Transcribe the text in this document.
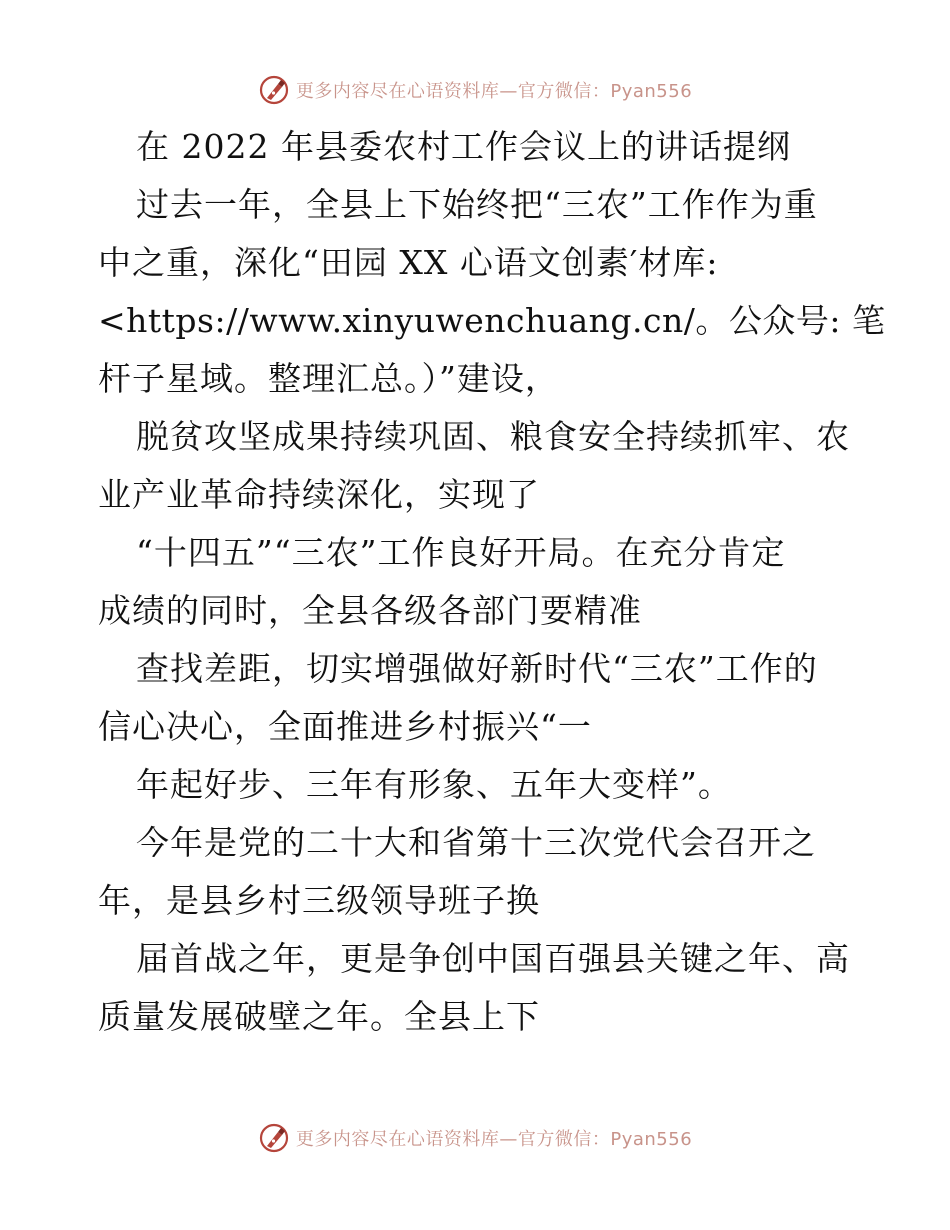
更多内容尽在心语资料库—官方微信：Pyan556
在 2022 年县委农村工作会议上的讲话提纲
过去一年，全县上下始终把“三农”工作作为重
中之重，深化“田园 XX 心语文创素′材库:
<https://www.xinyuwenchuang.cn/。公众号: 笔
杆子星域。整理汇总。）”建设，
脱贫攻坚成果持续巩固、粮食安全持续抓牢、农
业产业革命持续深化，实现了
“十四五”“三农”工作良好开局。在充分肯定
成绩的同时，全县各级各部门要精准
查找差距，切实增强做好新时代“三农”工作的
信心决心，全面推进乡村振兴“一
年起好步、三年有形象、五年大变样”。
今年是党的二十大和省第十三次党代会召开之
年，是县乡村三级领导班子换
届首战之年，更是争创中国百强县关键之年、高
质量发展破壁之年。全县上下
更多内容尽在心语资料库—官方微信：Pyan556
